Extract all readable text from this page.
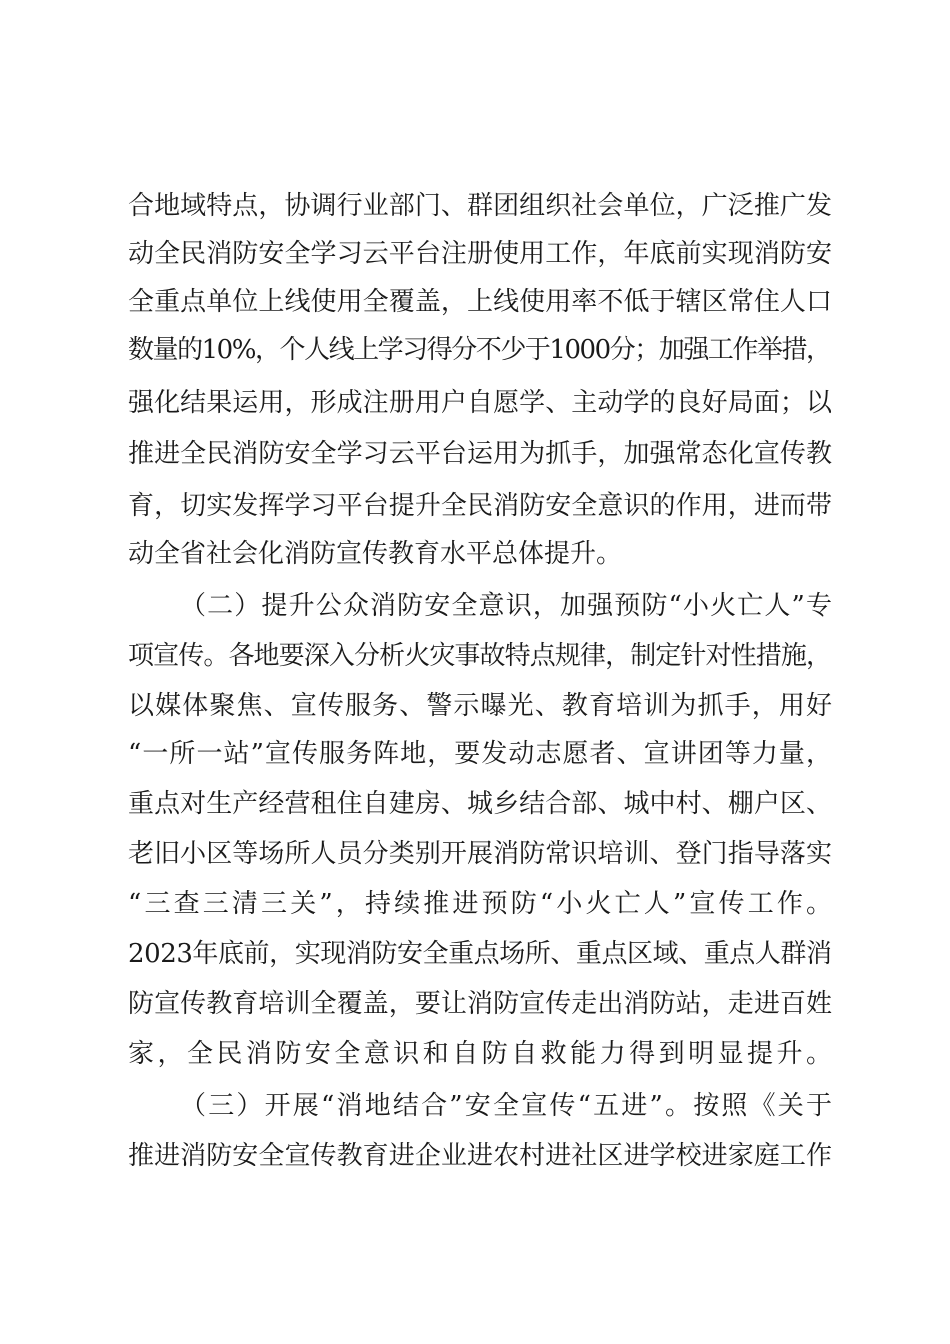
合地域特点，协调行业部门、群团组织社会单位，广泛推广发
动全民消防安全学习云平台注册使用工作，年底前实现消防安
全重点单位上线使用全覆盖，上线使用率不低于辖区常住人口
数量的10%，个人线上学习得分不少于1000分；加强工作举措，
强化结果运用，形成注册用户自愿学、主动学的良好局面；以
推进全民消防安全学习云平台运用为抓手，加强常态化宣传教
育，切实发挥学习平台提升全民消防安全意识的作用，进而带
动全省社会化消防宣传教育水平总体提升。
（二）提升公众消防安全意识，加强预防“小火亡人”专
项宣传。各地要深入分析火灾事故特点规律，制定针对性措施，
以媒体聚焦、宣传服务、警示曝光、教育培训为抓手，用好
“一所一站”宣传服务阵地，要发动志愿者、宣讲团等力量，
重点对生产经营租住自建房、城乡结合部、城中村、棚户区、
老旧小区等场所人员分类别开展消防常识培训、登门指导落实
“三查三清三关”，持续推进预防“小火亡人”宣传工作。
2023年底前，实现消防安全重点场所、重点区域、重点人群消
防宣传教育培训全覆盖，要让消防宣传走出消防站，走进百姓
家，全民消防安全意识和自防自救能力得到明显提升。
（三）开展“消地结合”安全宣传“五进”。按照《关于
推进消防安全宣传教育进企业进农村进社区进学校进家庭工作
